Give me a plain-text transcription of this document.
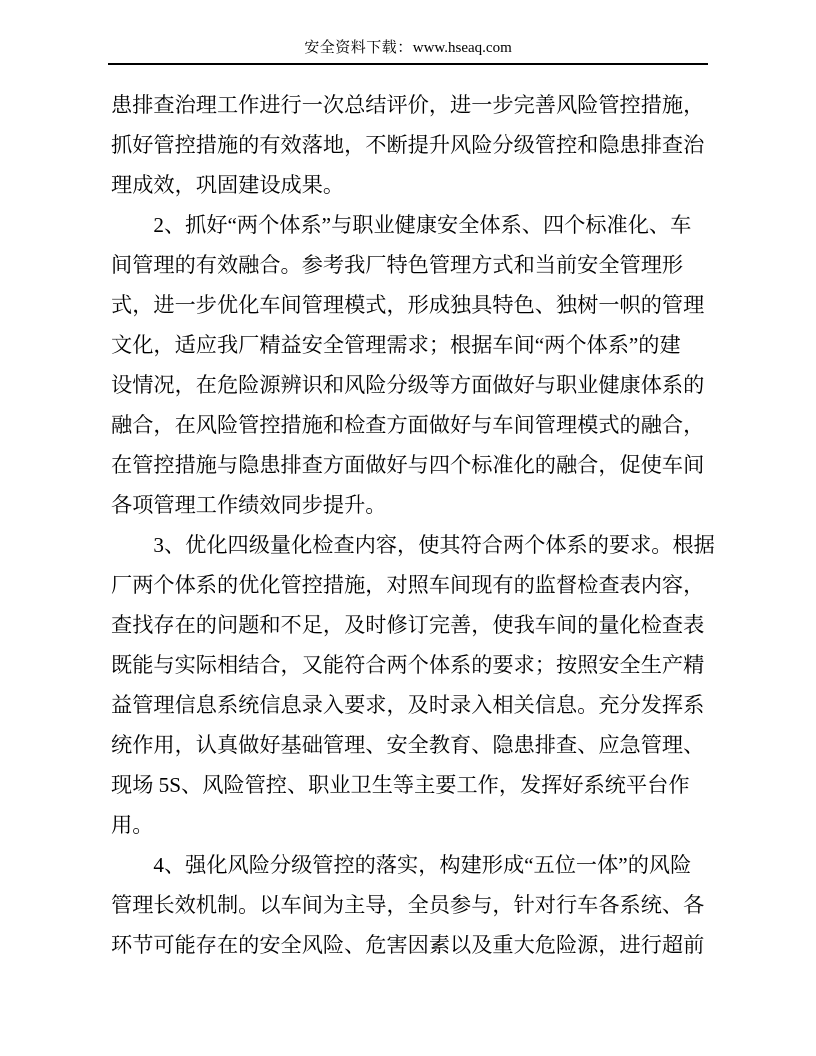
安全资料下载：www.hseaq.com
患排查治理工作进行一次总结评价，进一步完善风险管控措施，
抓好管控措施的有效落地，不断提升风险分级管控和隐患排查治
理成效，巩固建设成果。
　　2、抓好“两个体系”与职业健康安全体系、四个标准化、车
间管理的有效融合。参考我厂特色管理方式和当前安全管理形
式，进一步优化车间管理模式，形成独具特色、独树一帜的管理
文化，适应我厂精益安全管理需求；根据车间“两个体系”的建
设情况，在危险源辨识和风险分级等方面做好与职业健康体系的
融合，在风险管控措施和检查方面做好与车间管理模式的融合，
在管控措施与隐患排查方面做好与四个标准化的融合，促使车间
各项管理工作绩效同步提升。
　　3、优化四级量化检查内容，使其符合两个体系的要求。根据
厂两个体系的优化管控措施，对照车间现有的监督检查表内容，
查找存在的问题和不足，及时修订完善，使我车间的量化检查表
既能与实际相结合，又能符合两个体系的要求；按照安全生产精
益管理信息系统信息录入要求，及时录入相关信息。充分发挥系
统作用，认真做好基础管理、安全教育、隐患排查、应急管理、
现场 5S、风险管控、职业卫生等主要工作，发挥好系统平台作
用。
　　4、强化风险分级管控的落实，构建形成“五位一体”的风险
管理长效机制。以车间为主导，全员参与，针对行车各系统、各
环节可能存在的安全风险、危害因素以及重大危险源，进行超前
